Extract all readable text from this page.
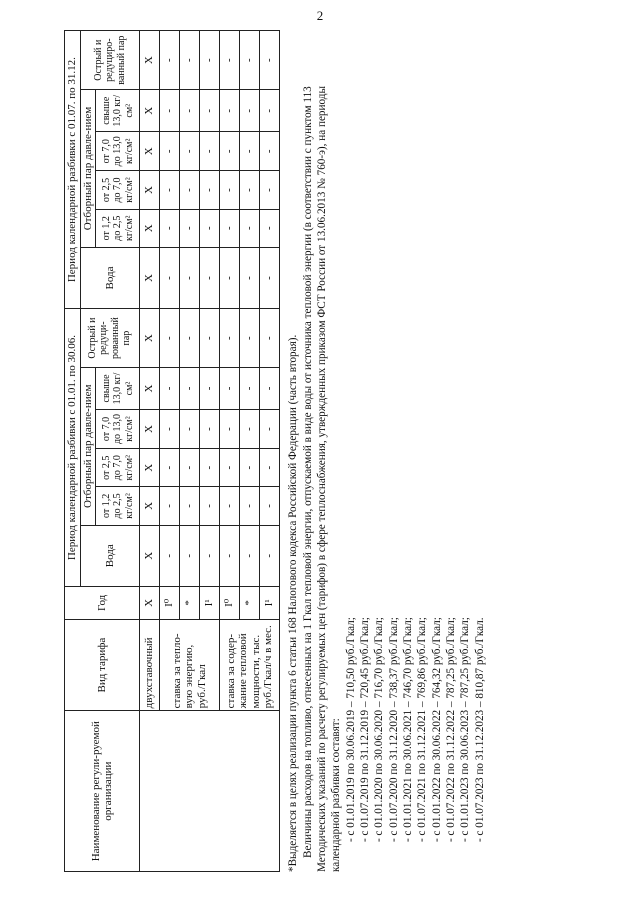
2
Наименование регули-руемой организации	Вид тарифа	Год	Период календарной разбивки с 01.01. по 30.06.						Период календарной разбивки с 01.07. по 31.12.					
			Вода	Отборный пар давле-нием				Острый и редуци-рованный пар	Вода	Отборный пар давле-нием				Острый и редуциро-ванный пар
				от 1,2 до 2,5 кг/см²	от 2,5 до 7,0 кг/см²	от 7,0 до 13,0 кг/см²	свыше 13,0 кг/см²			от 1,2 до 2,5 кг/см²	от 2,5 до 7,0 кг/см²	от 7,0 до 13,0 кг/см²	свыше 13,0 кг/см²	
	двухставочный	Х	Х	Х	Х	Х	Х	Х	Х	Х	Х	Х	Х	Х
	ставка за тепло-вую энергию, руб./Гкал	I⁰	-	-	-	-	-	-	-	-	-	-	-	-
		*	-	-	-	-	-	-	-	-	-	-	-	-
		I¹	-	-	-	-	-	-	-	-	-	-	-	-
	ставка за содер-жание тепловой мощности, тыс. руб./Гкал/ч в мес.	I⁰	-	-	-	-	-	-	-	-	-	-	-	-
		*	-	-	-	-	-	-	-	-	-	-	-	-
		I¹	-	-	-	-	-	-	-	-	-	-	-	-

*Выделяется в целях реализации пункта 6 статьи 168 Налогового кодекса Российской Федерации (часть вторая). Величины расходов на топливо, отнесенных на 1 Гкал тепловой энергии, отпускаемой в виде воды от источника тепловой энергии (в соответствии с пунктом 113 Методических указаний по расчету регулируемых цен (тарифов) в сфере теплоснабжения, утвержденных приказом ФСТ России от 13.06.2013 № 760-э), на периоды календарной разбивки составят: - с 01.01.2019 по 30.06.2019 – 710,50 руб./Гкал; - с 01.07.2019 по 31.12.2019 – 720,45 руб./Гкал; - с 01.01.2020 по 30.06.2020 – 716,70 руб./Гкал; - с 01.07.2020 по 31.12.2020 – 738,37 руб./Гкал; - с 01.01.2021 по 30.06.2021 – 746,70 руб./Гкал; - с 01.07.2021 по 31.12.2021 – 769,86 руб./Гкал; - с 01.01.2022 по 30.06.2022 – 764,32 руб./Гкал; - с 01.07.2022 по 31.12.2022 – 787,25 руб./Гкал; - с 01.01.2023 по 30.06.2023 – 787,25 руб./Гкал; - с 01.07.2023 по 31.12.2023 – 810,87 руб./Гкал.
